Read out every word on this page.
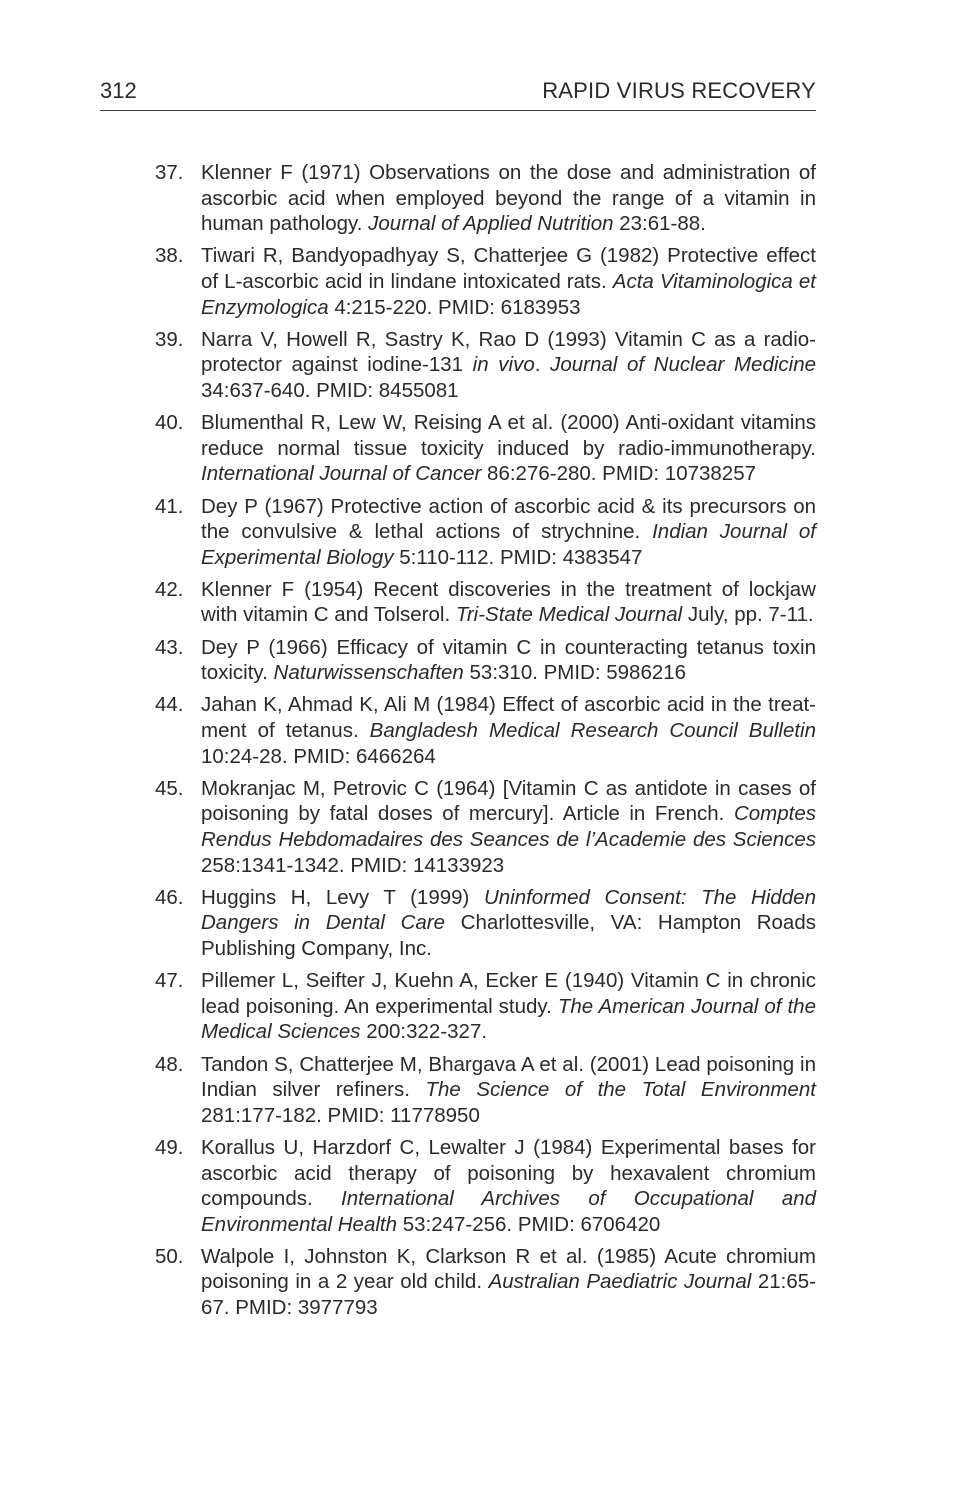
312	RAPID VIRUS RECOVERY
37. Klenner F (1971) Observations on the dose and administration of ascorbic acid when employed beyond the range of a vitamin in human pathology. Journal of Applied Nutrition 23:61-88.
38. Tiwari R, Bandyopadhyay S, Chatterjee G (1982) Protective effect of L-ascorbic acid in lindane intoxicated rats. Acta Vitaminologica et Enzymologica 4:215-220. PMID: 6183953
39. Narra V, Howell R, Sastry K, Rao D (1993) Vitamin C as a radio-protector against iodine-131 in vivo. Journal of Nuclear Medicine 34:637-640. PMID: 8455081
40. Blumenthal R, Lew W, Reising A et al. (2000) Anti-oxidant vitamins reduce normal tissue toxicity induced by radio-immunotherapy. International Journal of Cancer 86:276-280. PMID: 10738257
41. Dey P (1967) Protective action of ascorbic acid & its precursors on the convulsive & lethal actions of strychnine. Indian Journal of Experimental Biology 5:110-112. PMID: 4383547
42. Klenner F (1954) Recent discoveries in the treatment of lockjaw with vitamin C and Tolserol. Tri-State Medical Journal July, pp. 7-11.
43. Dey P (1966) Efficacy of vitamin C in counteracting tetanus toxin toxicity. Naturwissenschaften 53:310. PMID: 5986216
44. Jahan K, Ahmad K, Ali M (1984) Effect of ascorbic acid in the treat-ment of tetanus. Bangladesh Medical Research Council Bulletin 10:24-28. PMID: 6466264
45. Mokranjac M, Petrovic C (1964) [Vitamin C as antidote in cases of poisoning by fatal doses of mercury]. Article in French. Comptes Rendus Hebdomadaires des Seances de l’Academie des Sciences 258:1341-1342. PMID: 14133923
46. Huggins H, Levy T (1999) Uninformed Consent: The Hidden Dangers in Dental Care Charlottesville, VA: Hampton Roads Publishing Company, Inc.
47. Pillemer L, Seifter J, Kuehn A, Ecker E (1940) Vitamin C in chronic lead poisoning. An experimental study. The American Journal of the Medical Sciences 200:322-327.
48. Tandon S, Chatterjee M, Bhargava A et al. (2001) Lead poisoning in Indian silver refiners. The Science of the Total Environment 281:177-182. PMID: 11778950
49. Korallus U, Harzdorf C, Lewalter J (1984) Experimental bases for ascorbic acid therapy of poisoning by hexavalent chromium compounds. International Archives of Occupational and Environmental Health 53:247-256. PMID: 6706420
50. Walpole I, Johnston K, Clarkson R et al. (1985) Acute chromium poisoning in a 2 year old child. Australian Paediatric Journal 21:65-67. PMID: 3977793
